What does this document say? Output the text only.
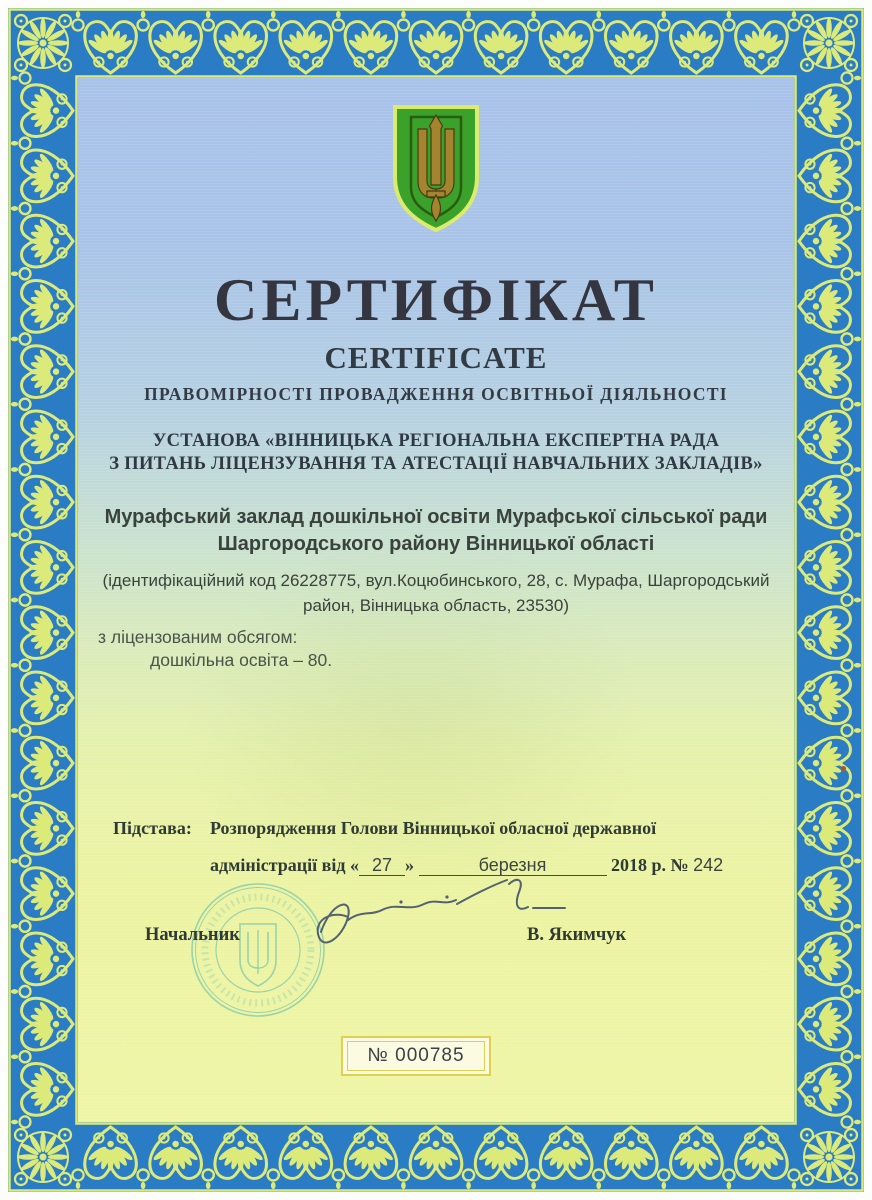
СЕРТИФІКАТ
CERTIFICATE
ПРАВОМІРНОСТІ ПРОВАДЖЕННЯ ОСВІТНЬОЇ ДІЯЛЬНОСТІ
УСТАНОВА «ВІННИЦЬКА РЕГІОНАЛЬНА ЕКСПЕРТНА РАДА
З ПИТАНЬ ЛІЦЕНЗУВАННЯ ТА АТЕСТАЦІЇ НАВЧАЛЬНИХ ЗАКЛАДІВ»
Мурафський заклад дошкільної освіти Мурафської сільської ради
Шаргородського району Вінницької області
(ідентифікаційний код 26228775, вул.Коцюбинського, 28, с. Мурафа, Шаргородський
район, Вінницька область, 23530)
з ліцензованим обсягом:
дошкільна освіта – 80.
Підстава: Розпорядження Голови Вінницької обласної державної
адміністрації від « 27 »	березня	2018 р. № 242
Начальник	В. Якимчук
№ 000785
